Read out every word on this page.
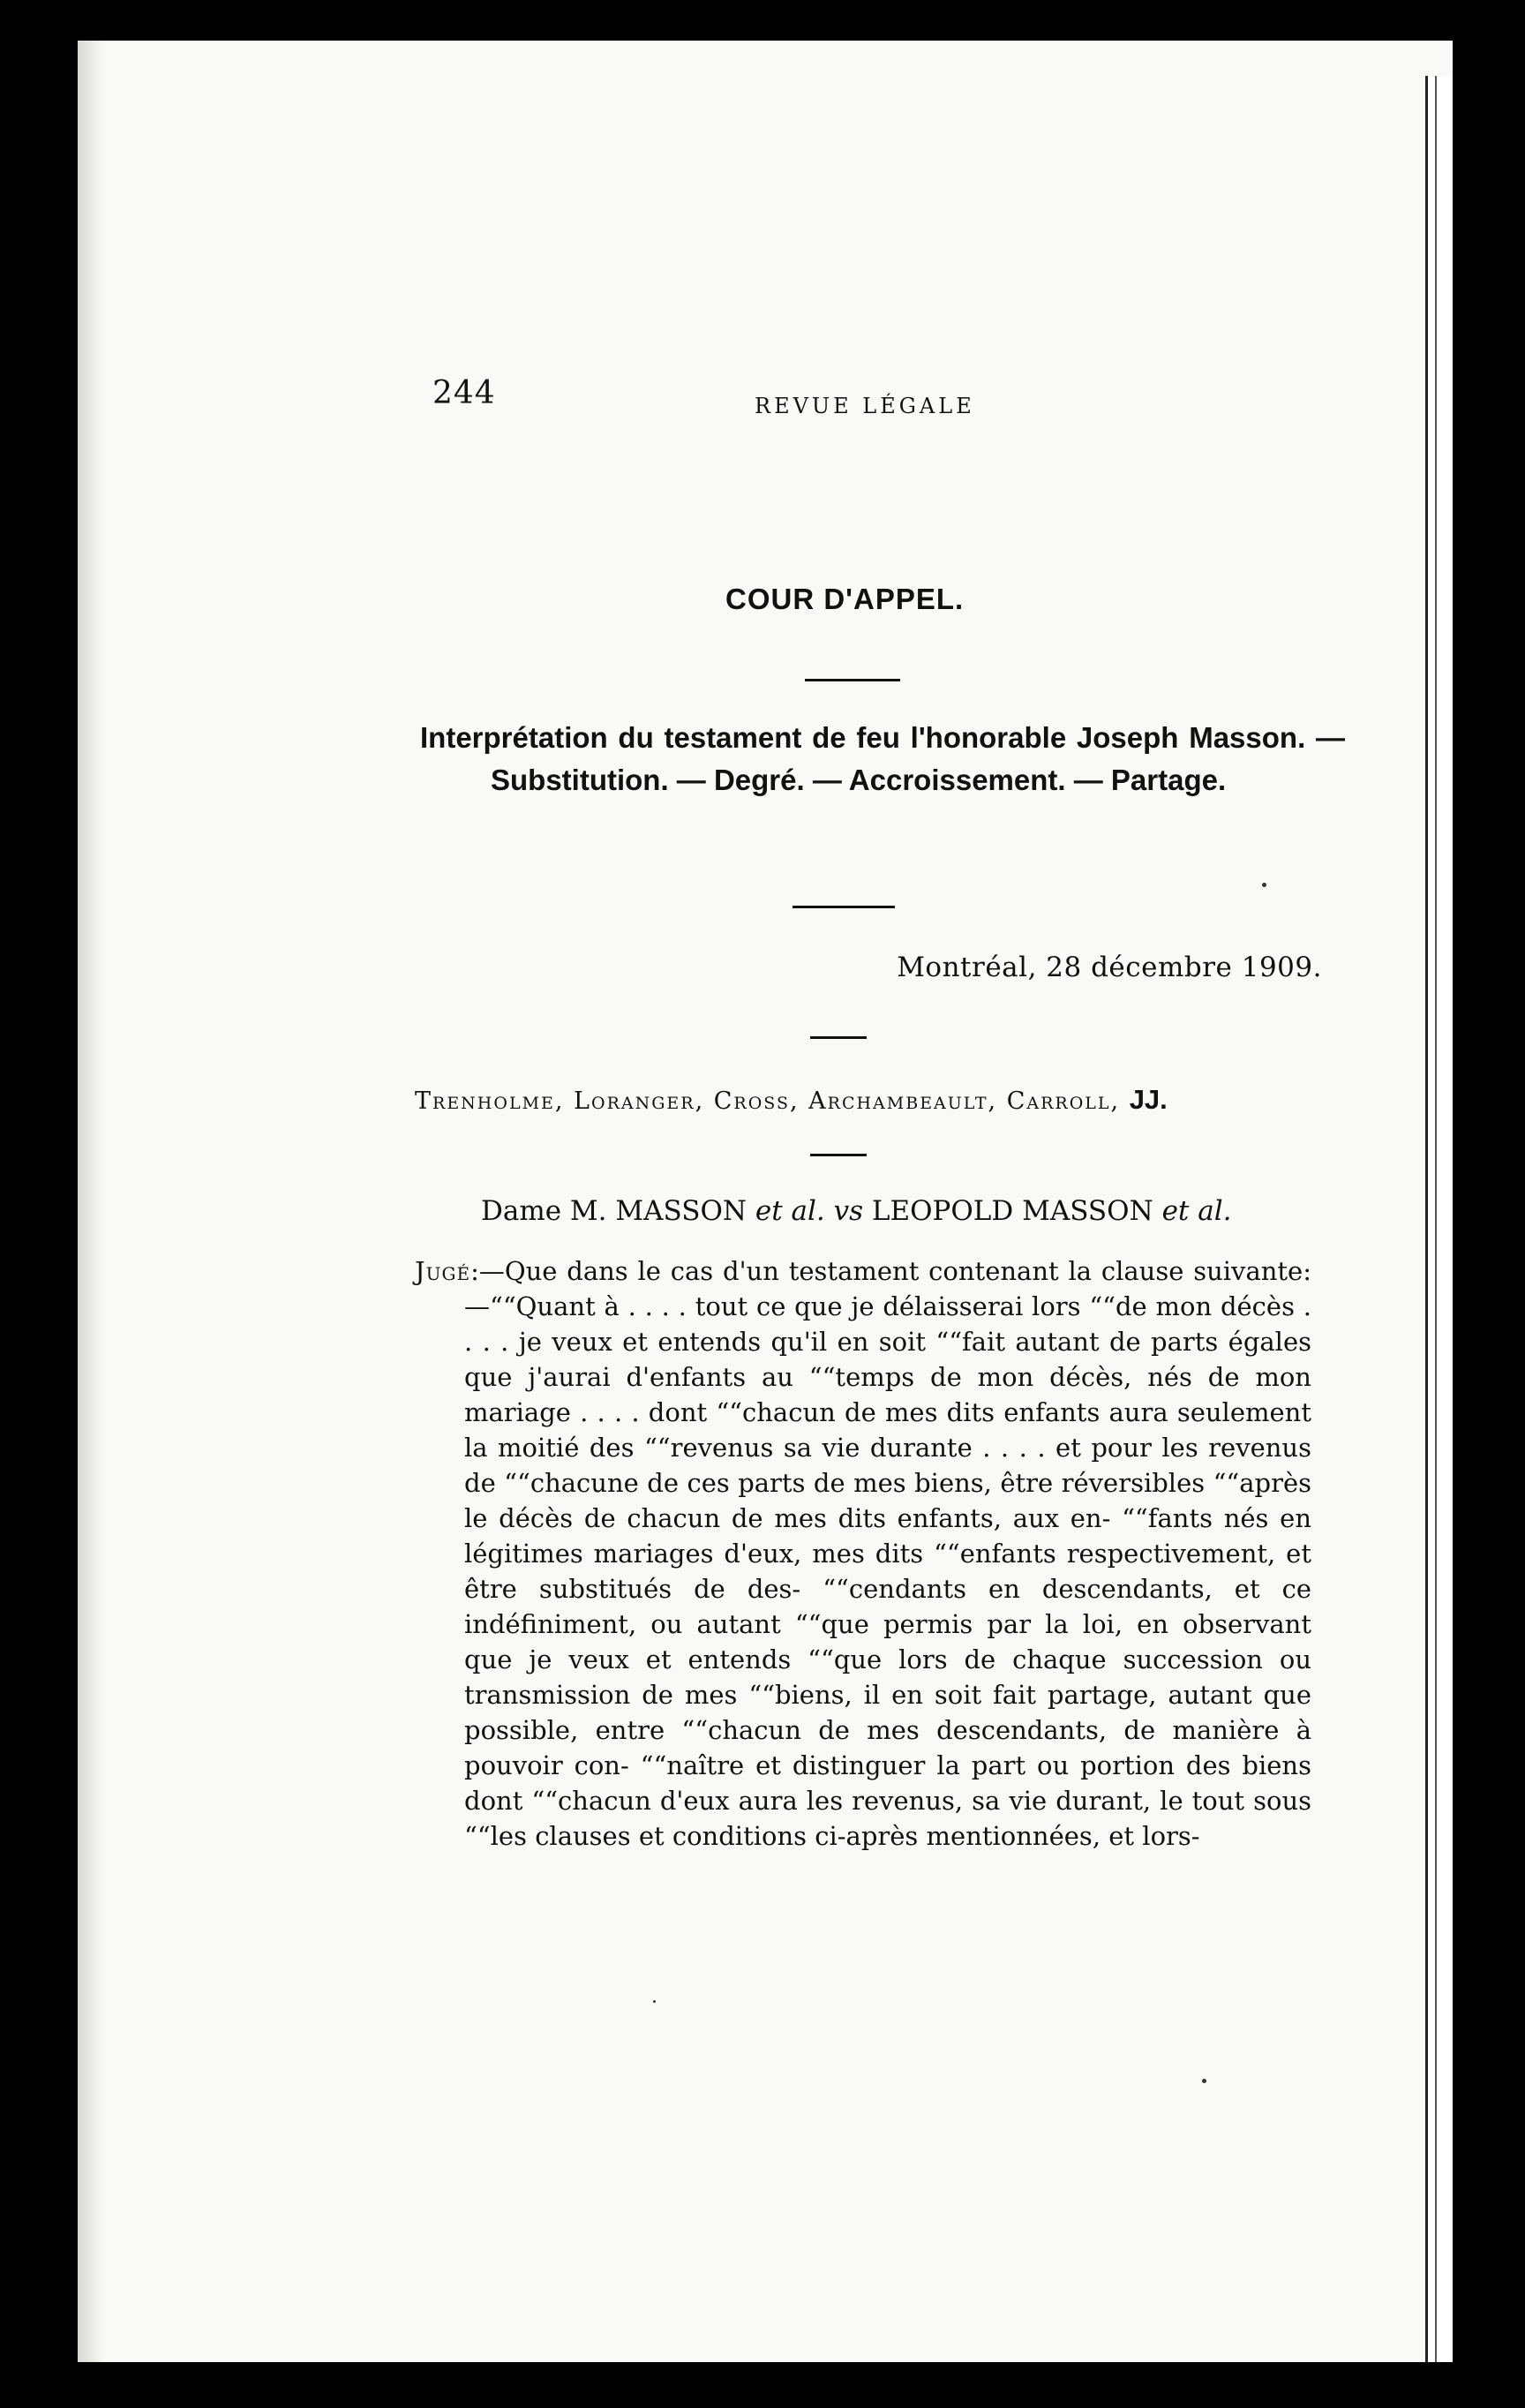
244	REVUE LÉGALE
COUR D'APPEL.
Interprétation du testament de feu l'honorable Joseph Masson. — Substitution. — Degré. — Accroissement. — Partage.
Montréal, 28 décembre 1909.
Trenholme, Loranger, Cross, Archambeault, Carroll, JJ.
Dame M. MASSON et al. vs LEOPOLD MASSON et al.
Jugé:—Que dans le cas d'un testament contenant la clause suivante:—““Quant à . . . . tout ce que je délaisserai lors ““de mon décès . . . . je veux et entends qu'il en soit ““fait autant de parts égales que j'aurai d'enfants au ““temps de mon décès, nés de mon mariage . . . . dont ““chacun de mes dits enfants aura seulement la moitié des ““revenus sa vie durante . . . . et pour les revenus de ““chacune de ces parts de mes biens, être réversibles ““après le décès de chacun de mes dits enfants, aux en- ““fants nés en légitimes mariages d'eux, mes dits ““enfants respectivement, et être substitués de des- ““cendants en descendants, et ce indéfiniment, ou autant ““que permis par la loi, en observant que je veux et entends ““que lors de chaque succession ou transmission de mes ““biens, il en soit fait partage, autant que possible, entre ““chacun de mes descendants, de manière à pouvoir con- ““naître et distinguer la part ou portion des biens dont ““chacun d'eux aura les revenus, sa vie durant, le tout sous ““les clauses et conditions ci-après mentionnées, et lors-
